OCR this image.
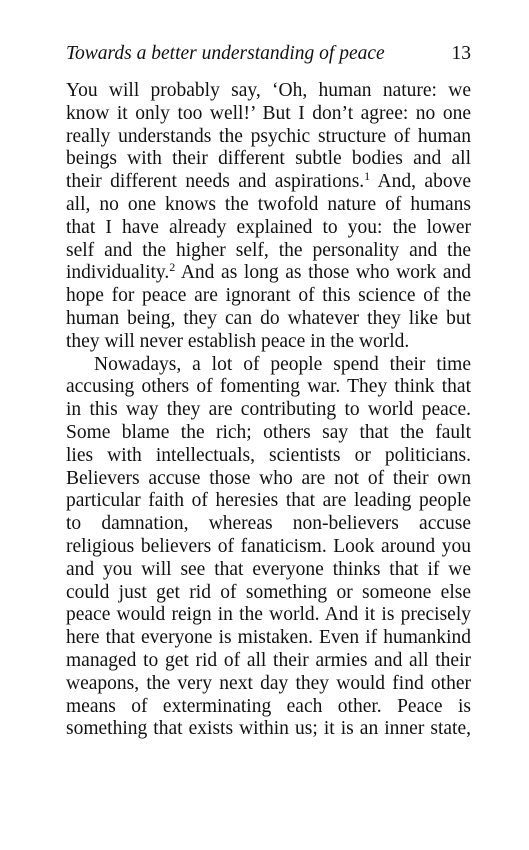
Towards a better understanding of peace	13
You will probably say, ‘Oh, human nature: we
know it only too well!’ But I don’t agree: no one
really understands the psychic structure of human
beings with their different subtle bodies and all
their different needs and aspirations.$^1$ And, above
all, no one knows the twofold nature of humans
that I have already explained to you: the lower
self and the higher self, the personality and the
individuality.$^2$ And as long as those who work and
hope for peace are ignorant of this science of the
human being, they can do whatever they like but
they will never establish peace in the world.
Nowadays, a lot of people spend their time
accusing others of fomenting war. They think that
in this way they are contributing to world peace.
Some blame the rich; others say that the fault
lies with intellectuals, scientists or politicians.
Believers accuse those who are not of their own
particular faith of heresies that are leading people
to damnation, whereas non-believers accuse
religious believers of fanaticism. Look around you
and you will see that everyone thinks that if we
could just get rid of something or someone else
peace would reign in the world. And it is precisely
here that everyone is mistaken. Even if humankind
managed to get rid of all their armies and all their
weapons, the very next day they would find other
means of exterminating each other. Peace is
something that exists within us; it is an inner state,
